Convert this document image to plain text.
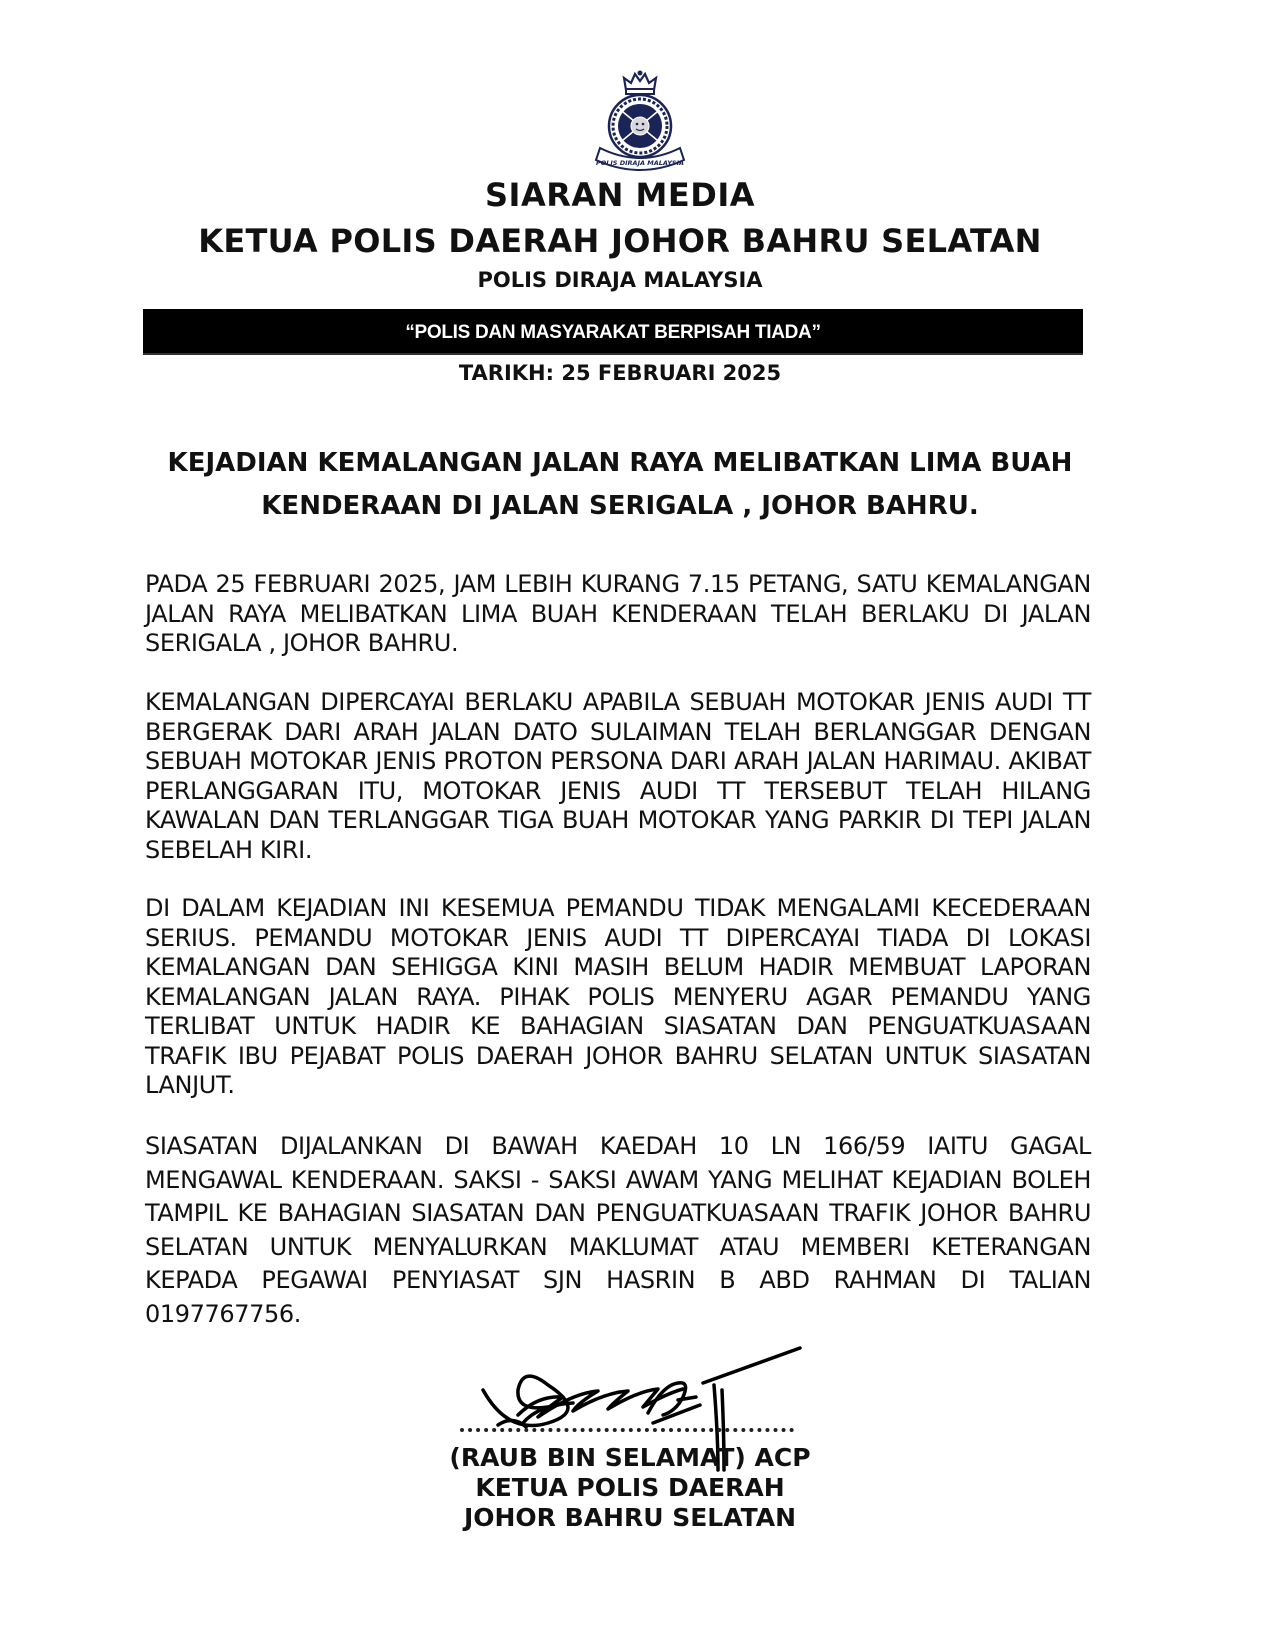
POLIS DIRAJA MALAYSIA
SIARAN MEDIA
KETUA POLIS DAERAH JOHOR BAHRU SELATAN
POLIS DIRAJA MALAYSIA
“POLIS DAN MASYARAKAT BERPISAH TIADA”
TARIKH: 25 FEBRUARI 2025
KEJADIAN KEMALANGAN JALAN RAYA MELIBATKAN LIMA BUAH
KENDERAAN DI JALAN SERIGALA , JOHOR BAHRU.
PADA 25 FEBRUARI 2025, JAM LEBIH KURANG 7.15 PETANG, SATU KEMALANGAN JALAN RAYA MELIBATKAN LIMA BUAH KENDERAAN TELAH BERLAKU DI JALAN SERIGALA , JOHOR BAHRU.
KEMALANGAN DIPERCAYAI BERLAKU APABILA SEBUAH MOTOKAR JENIS AUDI TT BERGERAK DARI ARAH JALAN DATO SULAIMAN TELAH BERLANGGAR DENGAN SEBUAH MOTOKAR JENIS PROTON PERSONA DARI ARAH JALAN HARIMAU. AKIBAT PERLANGGARAN ITU, MOTOKAR JENIS AUDI TT TERSEBUT TELAH HILANG KAWALAN DAN TERLANGGAR TIGA BUAH MOTOKAR YANG PARKIR DI TEPI JALAN SEBELAH KIRI.
DI DALAM KEJADIAN INI KESEMUA PEMANDU TIDAK MENGALAMI KECEDERAAN SERIUS. PEMANDU MOTOKAR JENIS AUDI TT DIPERCAYAI TIADA DI LOKASI KEMALANGAN DAN SEHIGGA KINI MASIH BELUM HADIR MEMBUAT LAPORAN KEMALANGAN JALAN RAYA. PIHAK POLIS MENYERU AGAR PEMANDU YANG TERLIBAT UNTUK HADIR KE BAHAGIAN SIASATAN DAN PENGUATKUASAAN TRAFIK IBU PEJABAT POLIS DAERAH JOHOR BAHRU SELATAN UNTUK SIASATAN LANJUT.
SIASATAN DIJALANKAN DI BAWAH KAEDAH 10 LN 166/59 IAITU GAGAL MENGAWAL KENDERAAN. SAKSI - SAKSI AWAM YANG MELIHAT KEJADIAN BOLEH TAMPIL KE BAHAGIAN SIASATAN DAN PENGUATKUASAAN TRAFIK JOHOR BAHRU SELATAN UNTUK MENYALURKAN MAKLUMAT ATAU MEMBERI KETERANGAN KEPADA PEGAWAI PENYIASAT SJN HASRIN B ABD RAHMAN DI TALIAN 0197767756.
(RAUB BIN SELAMAT) ACP
KETUA POLIS DAERAH
JOHOR BAHRU SELATAN
